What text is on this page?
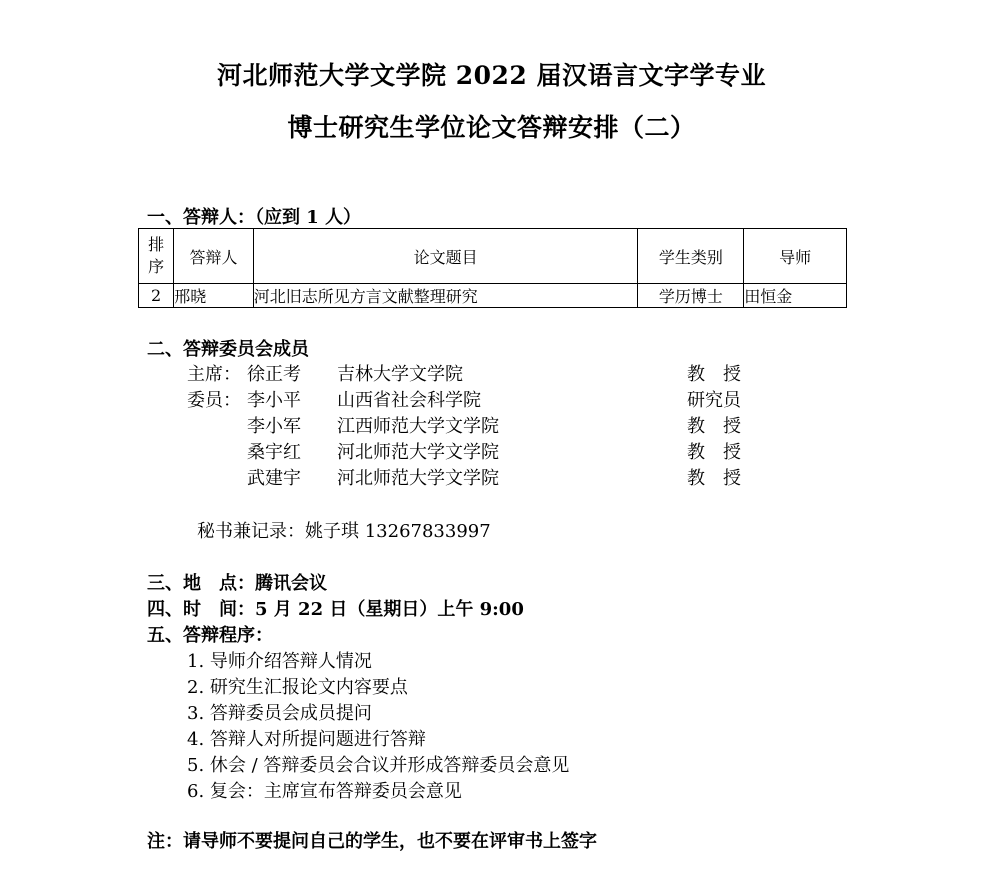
河北师范大学文学院 2022 届汉语言文字学专业
博士研究生学位论文答辩安排（二）
一、答辩人：（应到 1 人）
排
序	答辩人	论文题目	学生类别	导师
2	邢晓	河北旧志所见方言文献整理研究	学历博士	田恒金
二、答辩委员会成员
主席： 徐正考 吉林大学文学院	教　授
委员： 李小平 山西省社会科学院	研究员
李小军 江西师范大学文学院	教　授
桑宇红 河北师范大学文学院	教　授
武建宇 河北师范大学文学院	教　授
秘书兼记录：姚子琪 13267833997
三、地　点：腾讯会议
四、时　间：5 月 22 日（星期日）上午 9:00
五、答辩程序：
1. 导师介绍答辩人情况
2. 研究生汇报论文内容要点
3. 答辩委员会成员提问
4. 答辩人对所提问题进行答辩
5. 休会 / 答辩委员会合议并形成答辩委员会意见
6. 复会：主席宣布答辩委员会意见
注：请导师不要提问自己的学生，也不要在评审书上签字
